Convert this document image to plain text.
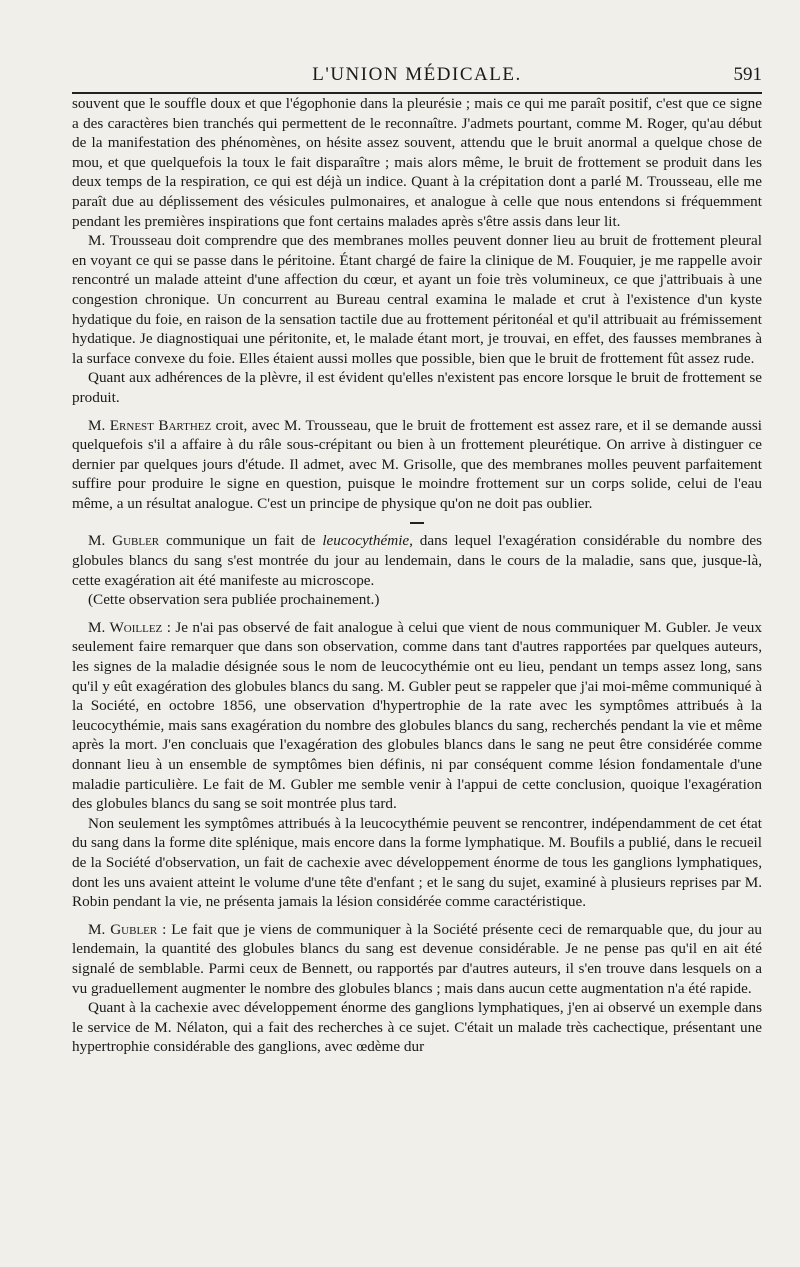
L'UNION MÉDICALE.	591

souvent que le souffle doux et que l'égophonie dans la pleurésie ; mais ce qui me paraît positif, c'est que ce signe a des caractères bien tranchés qui permettent de le reconnaître. J'admets pourtant, comme M. Roger, qu'au début de la manifestation des phénomènes, on hésite assez souvent, attendu que le bruit anormal a quelque chose de mou, et que quelquefois la toux le fait disparaître ; mais alors même, le bruit de frottement se produit dans les deux temps de la respiration, ce qui est déjà un indice. Quant à la crépitation dont a parlé M. Trousseau, elle me paraît due au déplissement des vésicules pulmonaires, et analogue à celle que nous entendons si fréquemment pendant les premières inspirations que font certains malades après s'être assis dans leur lit.

M. Trousseau doit comprendre que des membranes molles peuvent donner lieu au bruit de frottement pleural en voyant ce qui se passe dans le péritoine. Étant chargé de faire la clinique de M. Fouquier, je me rappelle avoir rencontré un malade atteint d'une affection du cœur, et ayant un foie très volumineux, ce que j'attribuais à une congestion chronique. Un concurrent au Bureau central examina le malade et crut à l'existence d'un kyste hydatique du foie, en raison de la sensation tactile due au frottement péritonéal et qu'il attribuait au frémissement hydatique. Je diagnostiquai une péritonite, et, le malade étant mort, je trouvai, en effet, des fausses membranes à la surface convexe du foie. Elles étaient aussi molles que possible, bien que le bruit de frottement fût assez rude.

Quant aux adhérences de la plèvre, il est évident qu'elles n'existent pas encore lorsque le bruit de frottement se produit.

M. Ernest Barthez croit, avec M. Trousseau, que le bruit de frottement est assez rare, et il se demande aussi quelquefois s'il a affaire à du râle sous-crépitant ou bien à un frottement pleurétique. On arrive à distinguer ce dernier par quelques jours d'étude. Il admet, avec M. Grisolle, que des membranes molles peuvent parfaitement suffire pour produire le signe en question, puisque le moindre frottement sur un corps solide, celui de l'eau même, a un résultat analogue. C'est un principe de physique qu'on ne doit pas oublier.

M. Gubler communique un fait de leucocythémie, dans lequel l'exagération considérable du nombre des globules blancs du sang s'est montrée du jour au lendemain, dans le cours de la maladie, sans que, jusque-là, cette exagération ait été manifeste au microscope.

(Cette observation sera publiée prochainement.)

M. Woillez : Je n'ai pas observé de fait analogue à celui que vient de nous communiquer M. Gubler. Je veux seulement faire remarquer que dans son observation, comme dans tant d'autres rapportées par quelques auteurs, les signes de la maladie désignée sous le nom de leucocythémie ont eu lieu, pendant un temps assez long, sans qu'il y eût exagération des globules blancs du sang. M. Gubler peut se rappeler que j'ai moi-même communiqué à la Société, en octobre 1856, une observation d'hypertrophie de la rate avec les symptômes attribués à la leucocythémie, mais sans exagération du nombre des globules blancs du sang, recherchés pendant la vie et même après la mort. J'en concluais que l'exagération des globules blancs dans le sang ne peut être considérée comme donnant lieu à un ensemble de symptômes bien définis, ni par conséquent comme lésion fondamentale d'une maladie particulière. Le fait de M. Gubler me semble venir à l'appui de cette conclusion, quoique l'exagération des globules blancs du sang se soit montrée plus tard.

Non seulement les symptômes attribués à la leucocythémie peuvent se rencontrer, indépendamment de cet état du sang dans la forme dite splénique, mais encore dans la forme lymphatique. M. Boufils a publié, dans le recueil de la Société d'observation, un fait de cachexie avec développement énorme de tous les ganglions lymphatiques, dont les uns avaient atteint le volume d'une tête d'enfant ; et le sang du sujet, examiné à plusieurs reprises par M. Robin pendant la vie, ne présenta jamais la lésion considérée comme caractéristique.

M. Gubler : Le fait que je viens de communiquer à la Société présente ceci de remarquable que, du jour au lendemain, la quantité des globules blancs du sang est devenue considérable. Je ne pense pas qu'il en ait été signalé de semblable. Parmi ceux de Bennett, ou rapportés par d'autres auteurs, il s'en trouve dans lesquels on a vu graduellement augmenter le nombre des globules blancs ; mais dans aucun cette augmentation n'a été rapide.

Quant à la cachexie avec développement énorme des ganglions lymphatiques, j'en ai observé un exemple dans le service de M. Nélaton, qui a fait des recherches à ce sujet. C'était un malade très cachectique, présentant une hypertrophie considérable des ganglions, avec œdème dur
